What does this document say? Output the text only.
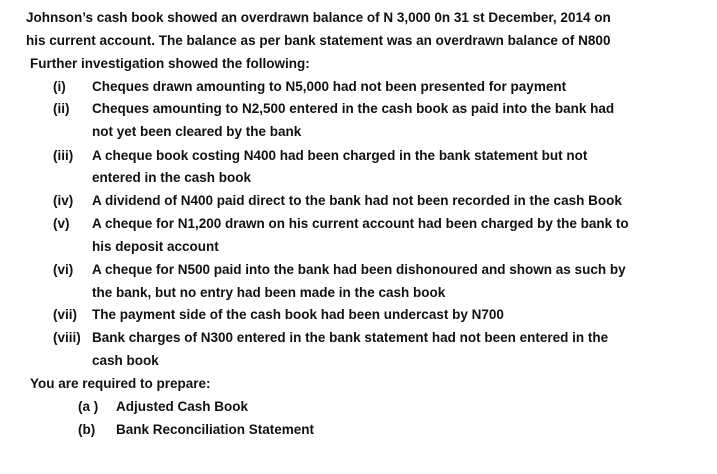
Johnson’s cash book showed an overdrawn balance of N 3,000 0n 31 st December, 2014 on
his current account. The balance as per bank statement was an overdrawn balance of N800
Further investigation showed the following:
(i) Cheques drawn amounting to N5,000 had not been presented for payment
(ii) Cheques amounting to N2,500 entered in the cash book as paid into the bank had
not yet been cleared by the bank
(iii) A cheque book costing N400 had been charged in the bank statement but not
entered in the cash book
(iv) A dividend of N400 paid direct to the bank had not been recorded in the cash Book
(v) A cheque for N1,200 drawn on his current account had been charged by the bank to
his deposit account
(vi) A cheque for N500 paid into the bank had been dishonoured and shown as such by
the bank, but no entry had been made in the cash book
(vii) The payment side of the cash book had been undercast by N700
(viii) Bank charges of N300 entered in the bank statement had not been entered in the
cash book
You are required to prepare:
(a ) Adjusted Cash Book
(b) Bank Reconciliation Statement
